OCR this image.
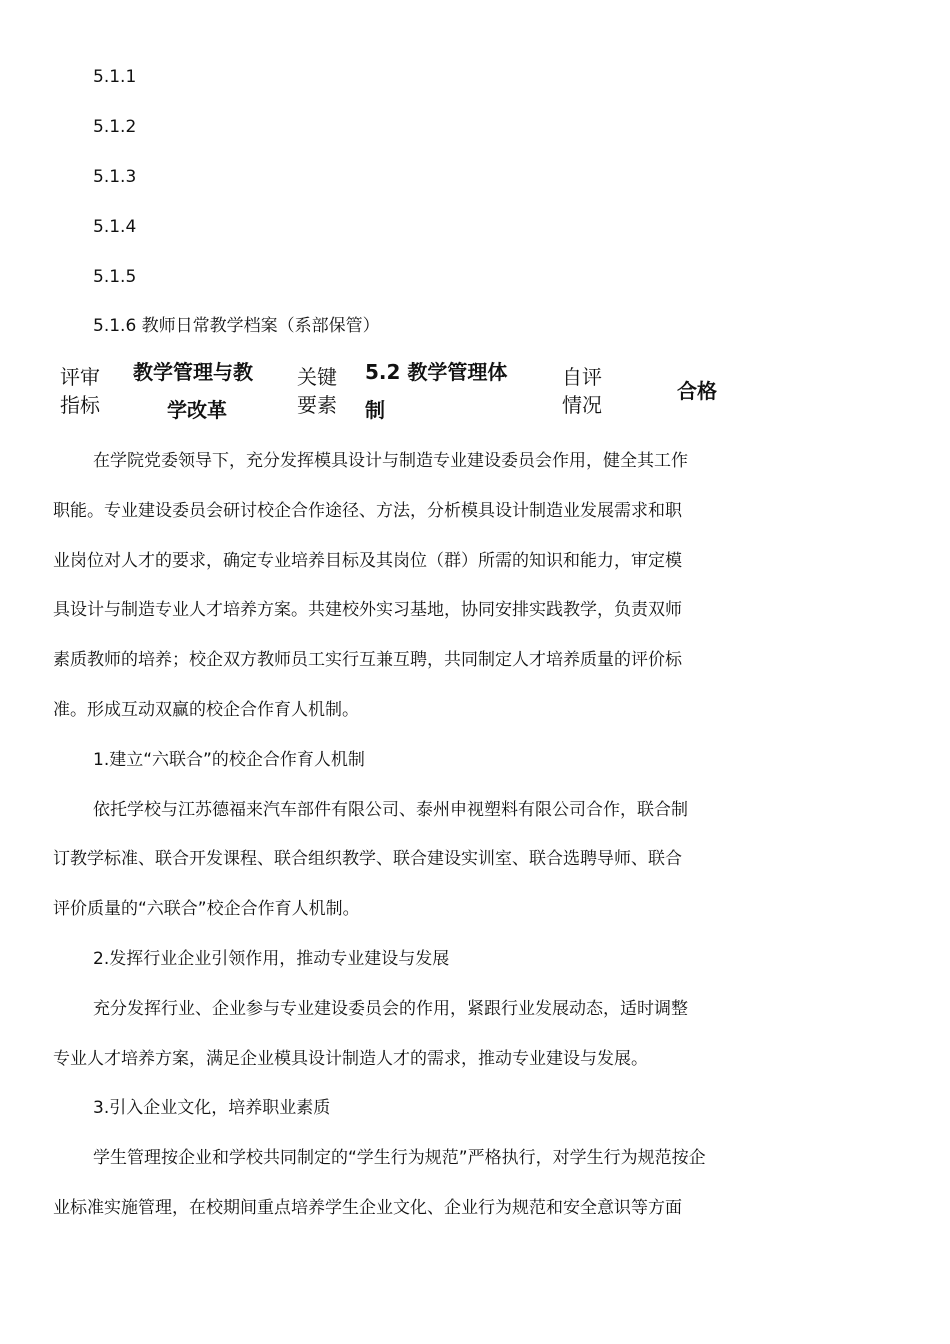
5.1.1
5.1.2
5.1.3
5.1.4
5.1.5
5.1.6 教师日常教学档案（系部保管）
评审
指标
教学管理与教
学改革
关键
要素
5.2 教学管理体
制
自评
情况
合格
在学院党委领导下，充分发挥模具设计与制造专业建设委员会作用，健全其工作
职能。专业建设委员会研讨校企合作途径、方法，分析模具设计制造业发展需求和职
业岗位对人才的要求，确定专业培养目标及其岗位（群）所需的知识和能力，审定模
具设计与制造专业人才培养方案。共建校外实习基地，协同安排实践教学，负责双师
素质教师的培养；校企双方教师员工实行互兼互聘，共同制定人才培养质量的评价标
准。形成互动双赢的校企合作育人机制。
1.建立“六联合”的校企合作育人机制
依托学校与江苏德福来汽车部件有限公司、泰州申视塑料有限公司合作，联合制
订教学标准、联合开发课程、联合组织教学、联合建设实训室、联合选聘导师、联合
评价质量的“六联合”校企合作育人机制。
2.发挥行业企业引领作用，推动专业建设与发展
充分发挥行业、企业参与专业建设委员会的作用，紧跟行业发展动态，适时调整
专业人才培养方案，满足企业模具设计制造人才的需求，推动专业建设与发展。
3.引入企业文化，培养职业素质
学生管理按企业和学校共同制定的“学生行为规范”严格执行，对学生行为规范按企
业标准实施管理，在校期间重点培养学生企业文化、企业行为规范和安全意识等方面
